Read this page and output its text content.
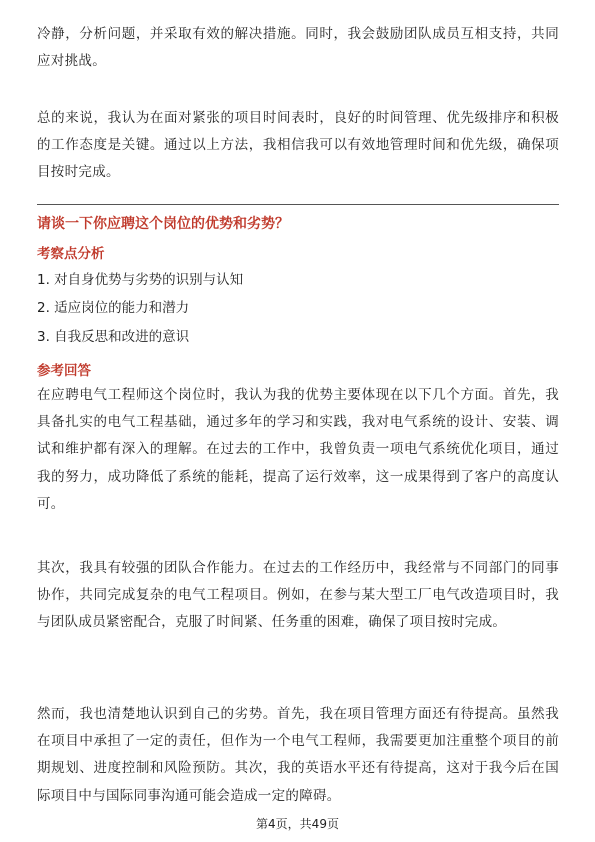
冷静，分析问题，并采取有效的解决措施。同时，我会鼓励团队成员互相支持，共同应对挑战。

总的来说，我认为在面对紧张的项目时间表时，良好的时间管理、优先级排序和积极的工作态度是关键。通过以上方法，我相信我可以有效地管理时间和优先级，确保项目按时完成。

请谈一下你应聘这个岗位的优势和劣势？

考察点分析

1. 对自身优势与劣势的识别与认知

2. 适应岗位的能力和潜力

3. 自我反思和改进的意识

参考回答

在应聘电气工程师这个岗位时，我认为我的优势主要体现在以下几个方面。首先，我具备扎实的电气工程基础，通过多年的学习和实践，我对电气系统的设计、安装、调试和维护都有深入的理解。在过去的工作中，我曾负责一项电气系统优化项目，通过我的努力，成功降低了系统的能耗，提高了运行效率，这一成果得到了客户的高度认可。

其次，我具有较强的团队合作能力。在过去的工作经历中，我经常与不同部门的同事协作，共同完成复杂的电气工程项目。例如，在参与某大型工厂电气改造项目时，我与团队成员紧密配合，克服了时间紧、任务重的困难，确保了项目按时完成。

然而，我也清楚地认识到自己的劣势。首先，我在项目管理方面还有待提高。虽然我在项目中承担了一定的责任，但作为一个电气工程师，我需要更加注重整个项目的前期规划、进度控制和风险预防。其次，我的英语水平还有待提高，这对于我今后在国际项目中与国际同事沟通可能会造成一定的障碍。

第4页，共49页
